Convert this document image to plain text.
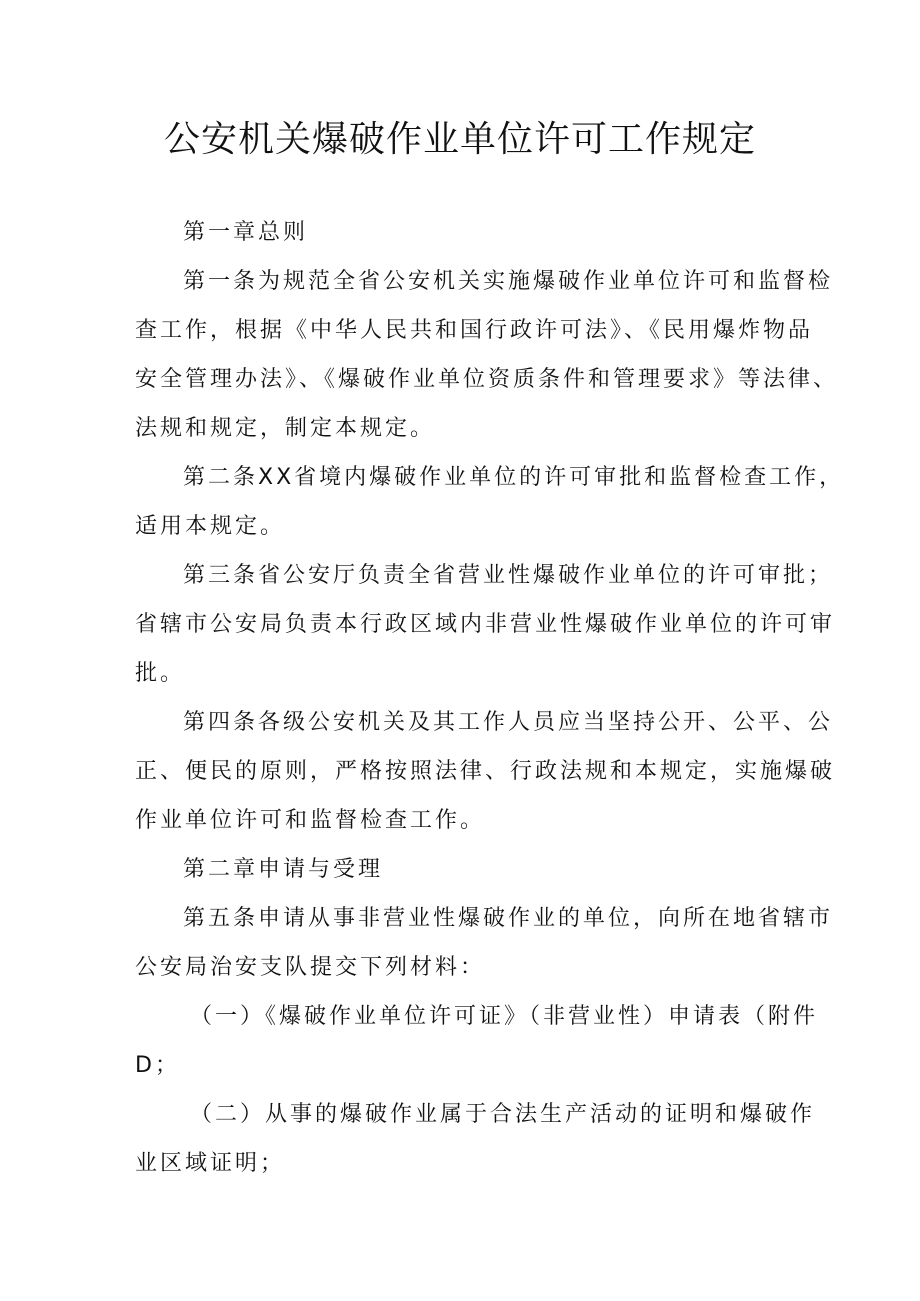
公安机关爆破作业单位许可工作规定

第一章总则

第一条为规范全省公安机关实施爆破作业单位许可和监督检

查工作，根据《中华人民共和国行政许可法》、《民用爆炸物品

安全管理办法》、《爆破作业单位资质条件和管理要求》等法律、

法规和规定，制定本规定。

第二条XX省境内爆破作业单位的许可审批和监督检查工作，

适用本规定。

第三条省公安厅负责全省营业性爆破作业单位的许可审批；

省辖市公安局负责本行政区域内非营业性爆破作业单位的许可审

批。

第四条各级公安机关及其工作人员应当坚持公开、公平、公

正、便民的原则，严格按照法律、行政法规和本规定，实施爆破

作业单位许可和监督检查工作。

第二章申请与受理

第五条申请从事非营业性爆破作业的单位，向所在地省辖市

公安局治安支队提交下列材料：

（一）《爆破作业单位许可证》（非营业性）申请表（附件

D；

（二）从事的爆破作业属于合法生产活动的证明和爆破作

业区域证明；
